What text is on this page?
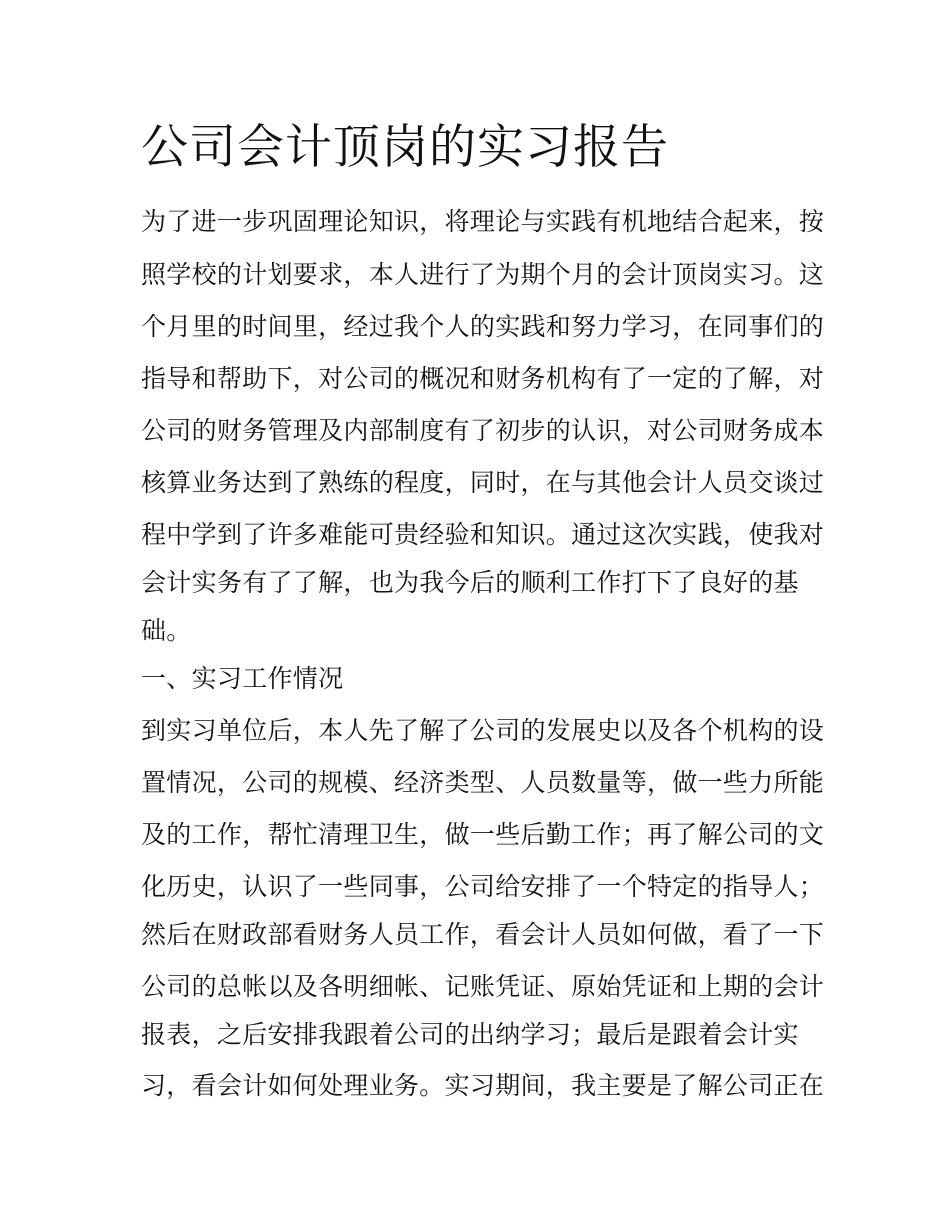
公司会计顶岗的实习报告
为了进一步巩固理论知识，将理论与实践有机地结合起来，按
照学校的计划要求，本人进行了为期个月的会计顶岗实习。这
个月里的时间里，经过我个人的实践和努力学习，在同事们的
指导和帮助下，对公司的概况和财务机构有了一定的了解，对
公司的财务管理及内部制度有了初步的认识，对公司财务成本
核算业务达到了熟练的程度，同时，在与其他会计人员交谈过
程中学到了许多难能可贵经验和知识。通过这次实践，使我对
会计实务有了了解，也为我今后的顺利工作打下了良好的基
础。
一、实习工作情况
到实习单位后，本人先了解了公司的发展史以及各个机构的设
置情况，公司的规模、经济类型、人员数量等，做一些力所能
及的工作，帮忙清理卫生，做一些后勤工作；再了解公司的文
化历史，认识了一些同事，公司给安排了一个特定的指导人；
然后在财政部看财务人员工作，看会计人员如何做，看了一下
公司的总帐以及各明细帐、记账凭证、原始凭证和上期的会计
报表，之后安排我跟着公司的出纳学习；最后是跟着会计实
习，看会计如何处理业务。实习期间，我主要是了解公司正在
